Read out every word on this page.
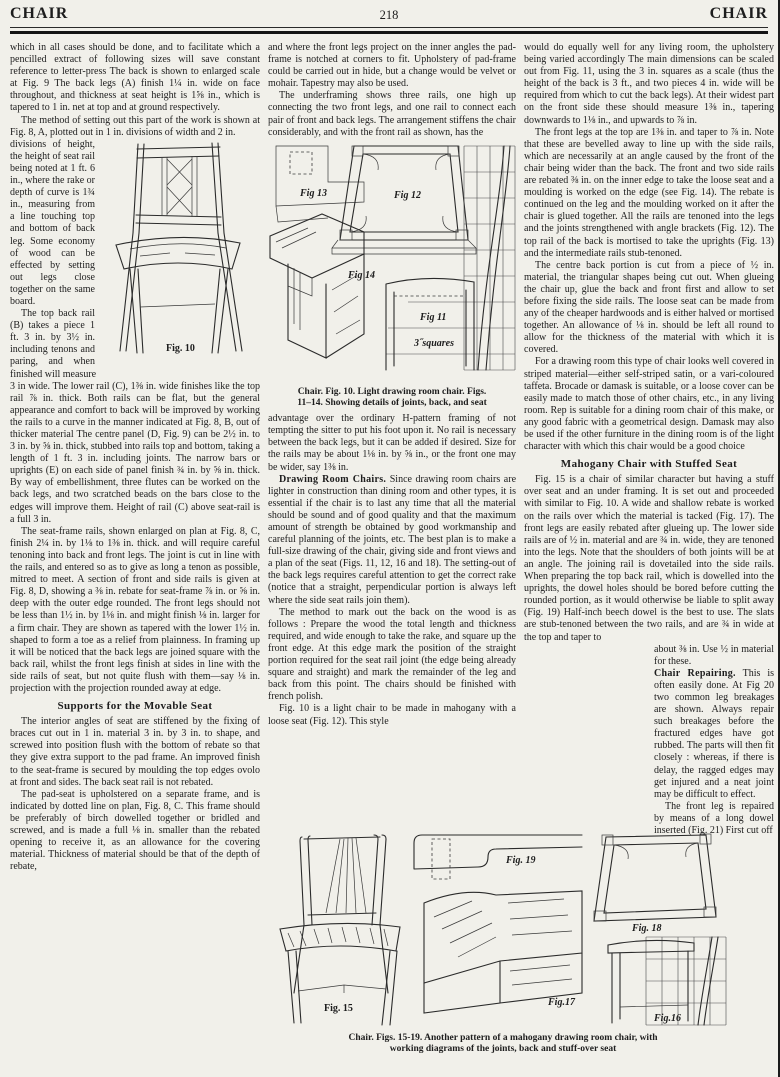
CHAIR	218	CHAIR

which in all cases should be done, and to facilitate which a pencilled extract of following sizes will save constant reference to letter-press The back is shown to enlarged scale at Fig. 9 The back legs (A) finish 1¼ in. wide on face throughout, and thickness at seat height is 1⅝ in., which is tapered to 1 in. net at top and at ground respectively.

The method of setting out this part of the work is shown at Fig. 8, A, plotted out in 1 in. divisions of width and 2 in.

Fig. 10

divisions of height, the height of seat rail being noted at 1 ft. 6 in., where the rake or depth of curve is 1¾ in., measuring from a line touching top and bottom of back leg. Some economy of wood can be effected by setting out legs close together on the same board.

The top back rail (B) takes a piece 1 ft. 3 in. by 3½ in. including tenons and paring, and when finished will measure

3 in wide. The lower rail (C), 1⅜ in. wide finishes like the top rail ⅞ in. thick. Both rails can be flat, but the general appearance and comfort to back will be improved by working the rails to a curve in the manner indicated at Fig. 8, B, out of thicker material The centre panel (D, Fig. 9) can be 2½ in. to 3 in. by ⅝ in. thick, stubbed into rails top and bottom, taking a length of 1 ft. 3 in. including joints. The narrow bars or uprights (E) on each side of panel finish ¾ in. by ⅝ in. thick. By way of embellishment, three flutes can be worked on the back legs, and two scratched beads on the bars close to the edges will improve them. Height of rail (C) above seat-rail is a full 3 in.

The seat-frame rails, shown enlarged on plan at Fig. 8, C, finish 2¼ in. by 1⅛ to 1⅜ in. thick. and will require careful tenoning into back and front legs. The joint is cut in line with the rails, and entered so as to give as long a tenon as possible, mitred to meet. A section of front and side rails is given at Fig. 8, D, showing a ⅜ in. rebate for seat-frame ⅞ in. or ⅝ in. deep with the outer edge rounded. The front legs should not be less than 1½ in. by 1⅛ in. and might finish ⅛ in. larger for a firm chair. They are shown as tapered with the lower 1½ in. shaped to form a toe as a relief from plainness. In framing up it will be noticed that the back legs are joined square with the back rail, whilst the front legs finish at sides in line with the side rails of seat, but not quite flush with them—say ⅛ in. projection with the projection rounded away at edge.

Supports for the Movable Seat

The interior angles of seat are stiffened by the fixing of braces cut out in 1 in. material 3 in. by 3 in. to shape, and screwed into position flush with the bottom of rebate so that they give extra support to the pad frame. An improved finish to the seat-frame is secured by moulding the top edges ovolo at front and sides. The back seat rail is not rebated.

The pad-seat is upholstered on a separate frame, and is indicated by dotted line on plan, Fig. 8, C. This frame should be preferably of birch dowelled together or bridled and screwed, and is made a full ⅛ in. smaller than the rebated opening to receive it, as an allowance for the covering material. Thickness of material should be that of the depth of rebate,

and where the front legs project on the inner angles the pad-frame is notched at corners to fit. Upholstery of pad-frame could be carried out in hide, but a change would be velvet or mohair. Tapestry may also be used.

The underframing shows three rails, one high up connecting the two front legs, and one rail to connect each pair of front and back legs. The arrangement stiffens the chair considerably, and with the front rail as shown, has the

Fig 13	Fig 12
Fig 14
Fig 11
3˝squares
Chair. Fig. 10. Light drawing room chair. Figs.
11–14. Showing details of joints, back, and seat

advantage over the ordinary H-pattern framing of not tempting the sitter to put his foot upon it. No rail is necessary between the back legs, but it can be added if desired. Size for the rails may be about 1⅛ in. by ⅝ in., or the front one may be wider, say 1⅜ in.

Drawing Room Chairs. Since drawing room chairs are lighter in construction than dining room and other types, it is essential if the chair is to last any time that all the material should be sound and of good quality and that the maximum amount of strength be obtained by good workmanship and careful planning of the joints, etc. The best plan is to make a full-size drawing of the chair, giving side and front views and a plan of the seat (Figs. 11, 12, 16 and 18). The setting-out of the back legs requires careful attention to get the correct rake (notice that a straight, perpendicular portion is always left where the side seat rails join them).

The method to mark out the back on the wood is as follows : Prepare the wood the total length and thickness required, and wide enough to take the rake, and square up the front edge. At this edge mark the position of the straight portion required for the seat rail joint (the edge being already square and straight) and mark the remainder of the leg and back from this point. The chairs should be finished with french polish.

Fig. 10 is a light chair to be made in mahogany with a loose seat (Fig. 12). This style

would do equally well for any living room, the upholstery being varied accordingly The main dimensions can be scaled out from Fig. 11, using the 3 in. squares as a scale (thus the height of the back is 3 ft., and two pieces 4 in. wide will be required from which to cut the back legs). At their widest part on the front side these should measure 1⅜ in., tapering downwards to 1⅛ in., and upwards to ⅞ in.

The front legs at the top are 1⅜ in. and taper to ⅞ in. Note that these are bevelled away to line up with the side rails, which are necessarily at an angle caused by the front of the chair being wider than the back. The front and two side rails are rebated ⅜ in. on the inner edge to take the loose seat and a moulding is worked on the edge (see Fig. 14). The rebate is continued on the leg and the moulding worked on it after the chair is glued together. All the rails are tenoned into the legs and the joints strengthened with angle brackets (Fig. 12). The top rail of the back is mortised to take the uprights (Fig. 13) and the intermediate rails stub-tenoned.

The centre back portion is cut from a piece of ½ in. material, the triangular shapes being cut out. When glueing the chair up, glue the back and front first and allow to set before fixing the side rails. The loose seat can be made from any of the cheaper hardwoods and is either halved or mortised together. An allowance of ⅛ in. should be left all round to allow for the thickness of the material with which it is covered.

For a drawing room this type of chair looks well covered in striped material—either self-striped satin, or a vari-coloured taffeta. Brocade or damask is suitable, or a loose cover can be easily made to match those of other chairs, etc., in any living room. Rep is suitable for a dining room chair of this make, or any good fabric with a geometrical design. Damask may also be used if the other furniture in the dining room is of the light character with which this chair would be a good choice

Mahogany Chair with Stuffed Seat

Fig. 15 is a chair of similar character but having a stuff over seat and an under framing. It is set out and proceeded with similar to Fig. 10. A wide and shallow rebate is worked on the rails over which the material is tacked (Fig. 17). The front legs are easily rebated after glueing up. The lower side rails are of ½ in. material and are ¾ in. wide, they are tenoned into the legs. Note that the shoulders of both joints will be at an angle. The joining rail is dovetailed into the side rails. When preparing the top back rail, which is dowelled into the uprights, the dowel holes should be bored before cutting the rounded portion, as it would otherwise be liable to split away (Fig. 19) Half-inch beech dowel is the best to use. The slats are stub-tenoned between the two rails, and are ¾ in wide at the top and taper to

about ⅜ in. Use ½ in material for these.

Chair Repairing. This is often easily done. At Fig 20 two common leg breakages are shown. Always repair such breakages before the fractured edges have got rubbed. The parts will then fit closely : whereas, if there is delay, the ragged edges may get injured and a neat joint may be difficult to effect.

The front leg is repaired by means of a long dowel inserted (Fig. 21) First cut off

Fig. 15
Fig. 19
Fig.17
Fig. 18
Fig.16
Chair. Figs. 15-19. Another pattern of a mahogany drawing room chair, with
working diagrams of the joints, back and stuff-over seat
